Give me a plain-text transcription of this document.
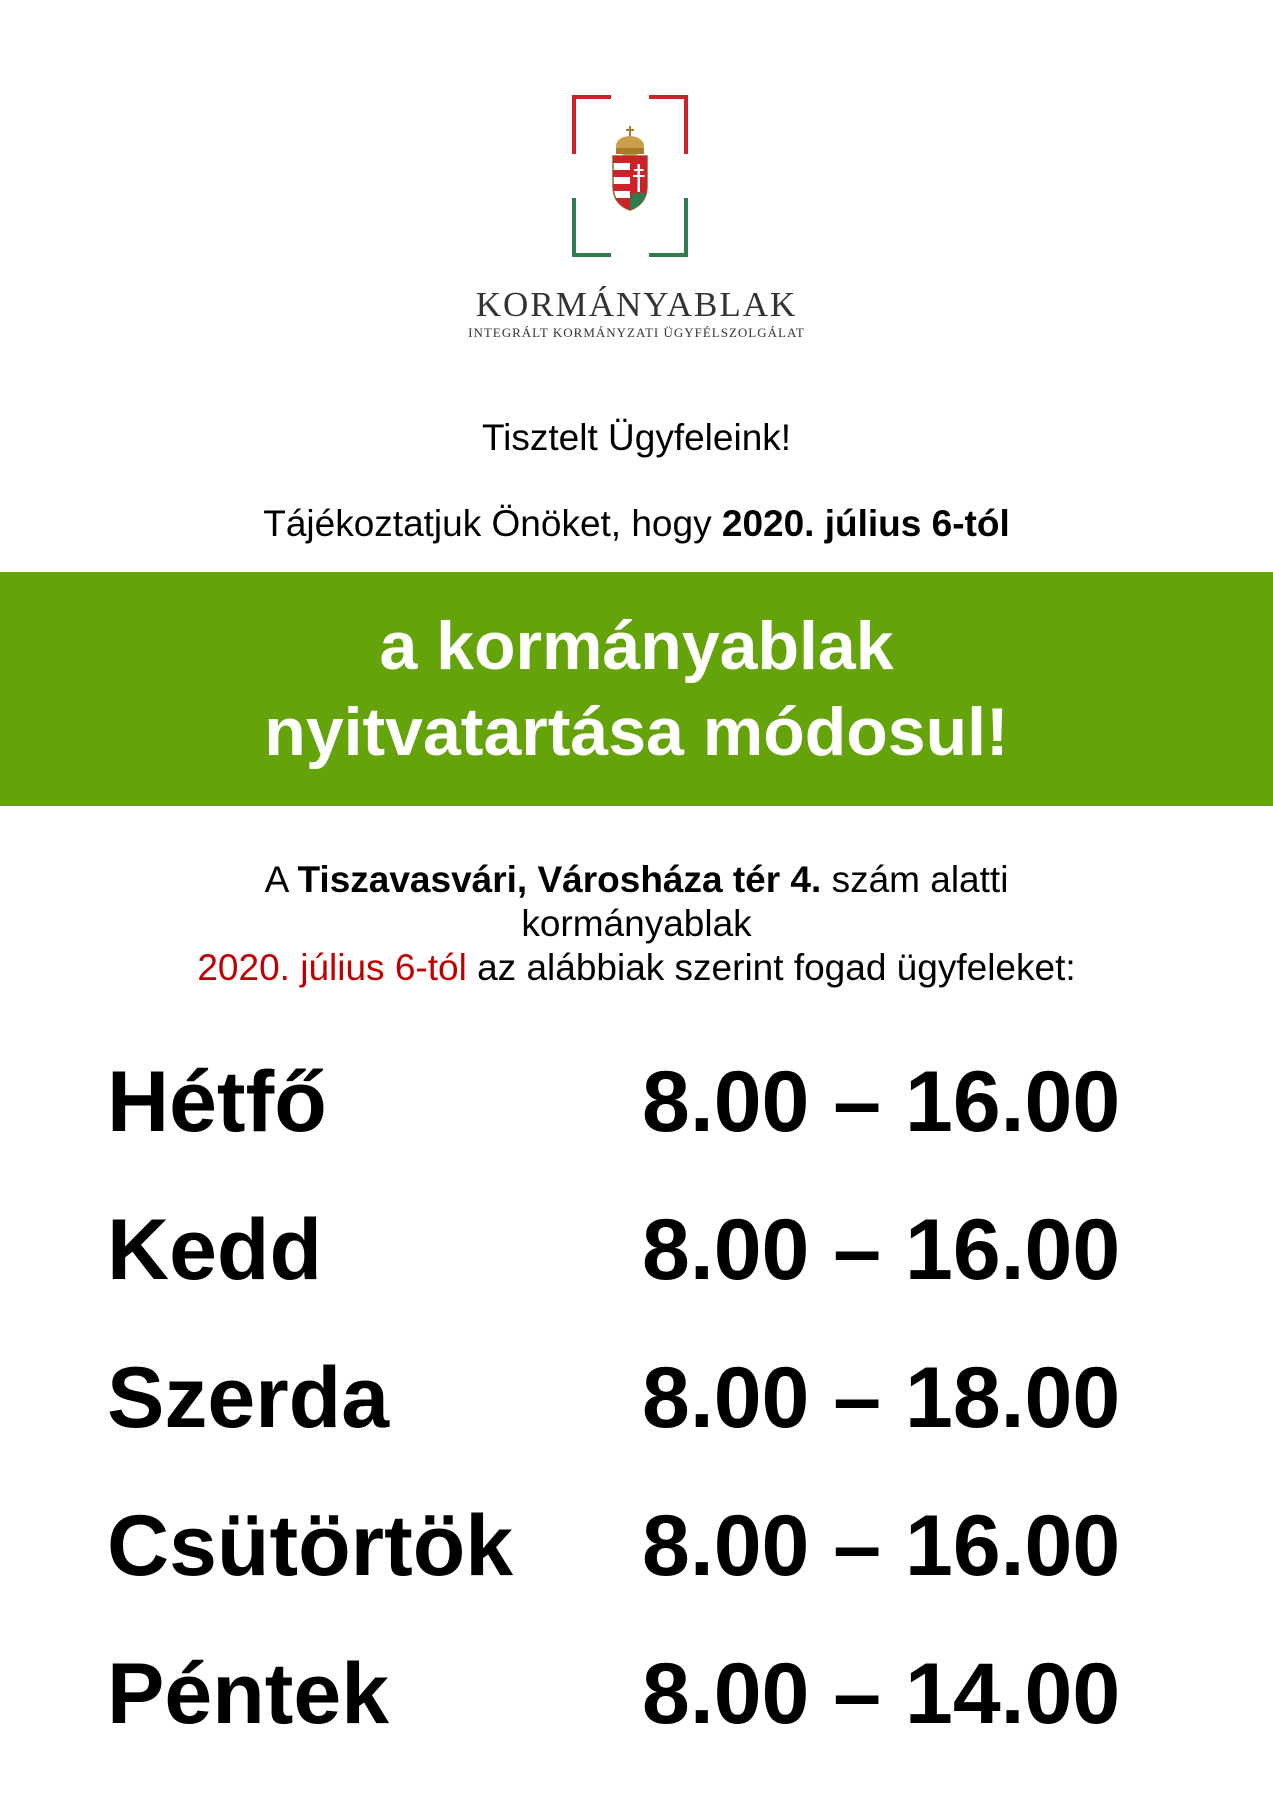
KORMÁNYABLAK
INTEGRÁLT KORMÁNYZATI ÜGYFÉLSZOLGÁLAT
Tisztelt Ügyfeleink!
Tájékoztatjuk Önöket, hogy 2020. július 6-tól
a kormányablak
nyitvatartása módosul!
A Tiszavasvári, Városháza tér 4. szám alatti
kormányablak
2020. július 6-tól az alábbiak szerint fogad ügyfeleket:
Hétfő	8.00 – 16.00
Kedd	8.00 – 16.00
Szerda	8.00 – 18.00
Csütörtök 8.00 – 16.00
Péntek	8.00 – 14.00
